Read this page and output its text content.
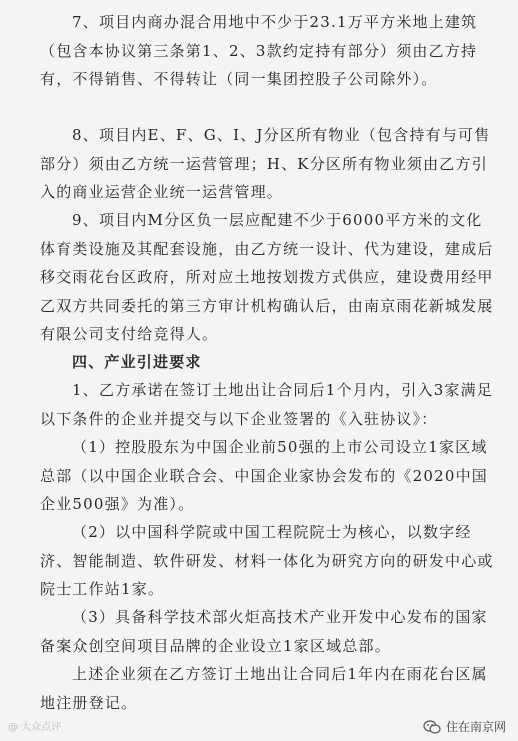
7、项目内商办混合用地中不少于23.1万平方米地上建筑（包含本协议第三条第1、2、3款约定持有部分）须由乙方持有，不得销售、不得转让（同一集团控股子公司除外）。

8、项目内E、F、G、I、J分区所有物业（包含持有与可售部分）须由乙方统一运营管理；H、K分区所有物业须由乙方引入的商业运营企业统一运营管理。

9、项目内M分区负一层应配建不少于6000平方米的文化体育类设施及其配套设施，由乙方统一设计、代为建设，建成后移交雨花台区政府，所对应土地按划拨方式供应，建设费用经甲乙双方共同委托的第三方审计机构确认后，由南京雨花新城发展有限公司支付给竞得人。

四、产业引进要求

1、乙方承诺在签订土地出让合同后1个月内，引入3家满足以下条件的企业并提交与以下企业签署的《入驻协议》：

（1）控股股东为中国企业前50强的上市公司设立1家区域总部（以中国企业联合会、中国企业家协会发布的《2020中国企业500强》为准）。

（2）以中国科学院或中国工程院院士为核心，以数字经济、智能制造、软件研发、材料一体化为研究方向的研发中心或院士工作站1家。

（3）具备科学技术部火炬高技术产业开发中心发布的国家备案众创空间项目品牌的企业设立1家区域总部。

上述企业须在乙方签订土地出让合同后1年内在雨花台区属地注册登记。

@ 大众点评	住在南京网
